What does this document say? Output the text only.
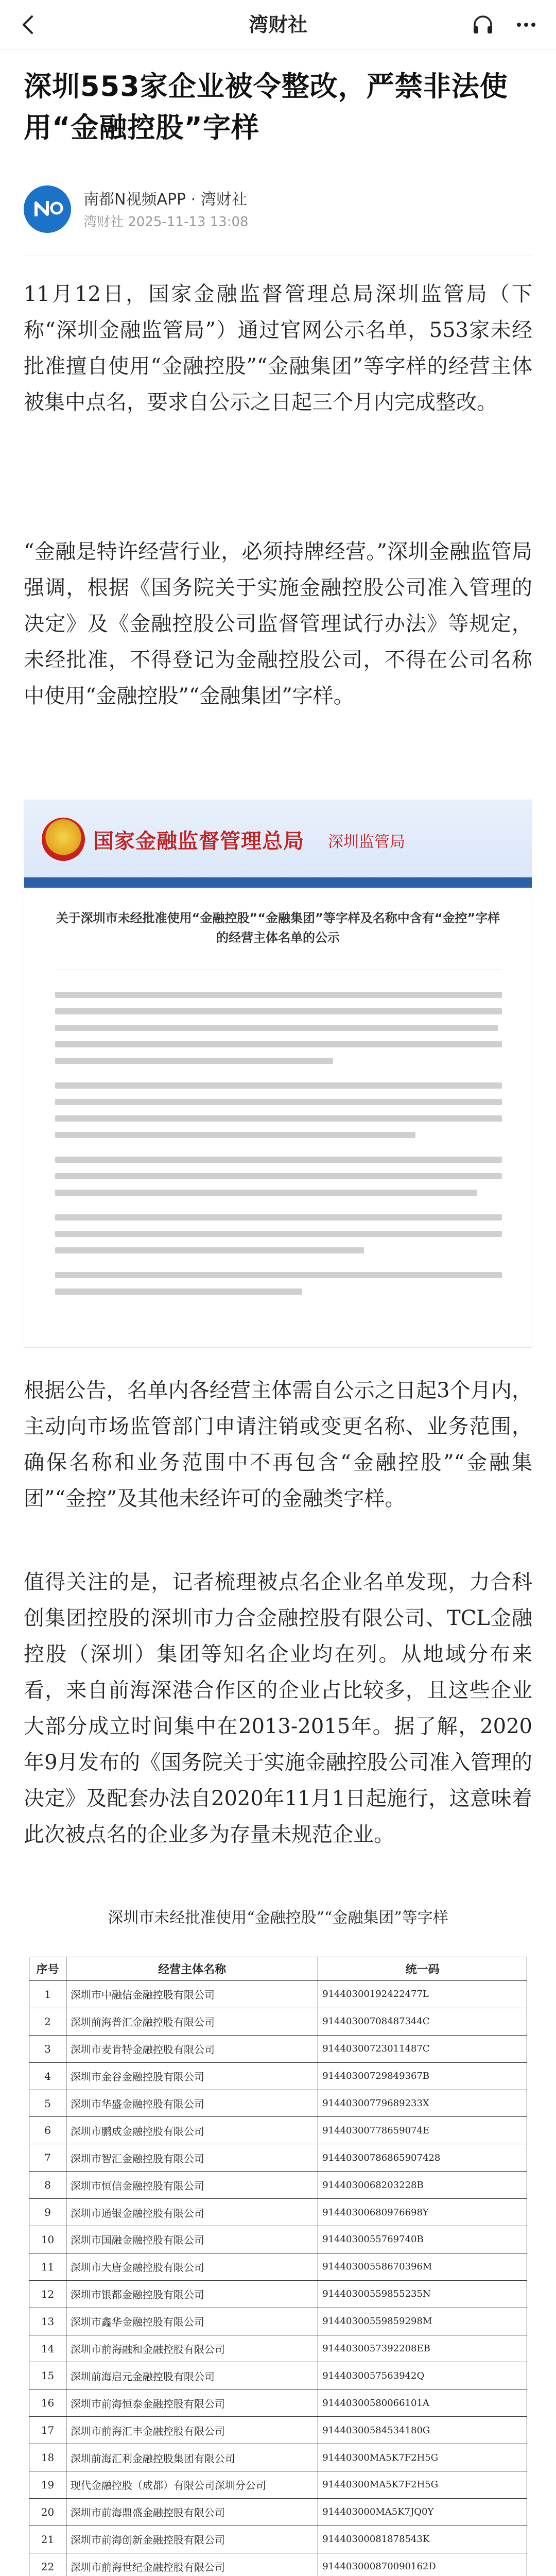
湾财社
深圳553家企业被令整改，严禁非法使用“金融控股”字样
南都N视频APP · 湾财社
湾财社 2025-11-13 13:08

11月12日，国家金融监督管理总局深圳监管局（下称“深圳金融监管局”）通过官网公示名单，553家未经批准擅自使用“金融控股”“金融集团”等字样的经营主体被集中点名，要求自公示之日起三个月内完成整改。

“金融是特许经营行业，必须持牌经营。”深圳金融监管局强调，根据《国务院关于实施金融控股公司准入管理的决定》及《金融控股公司监督管理试行办法》等规定，未经批准，不得登记为金融控股公司，不得在公司名称中使用“金融控股”“金融集团”字样。

国家金融监督管理总局 深圳监管局
关于深圳市未经批准使用“金融控股”“金融集团”等字样及名称中含有“金控”字样的经营主体名单的公示

根据公告，名单内各经营主体需自公示之日起3个月内，主动向市场监管部门申请注销或变更名称、业务范围，确保名称和业务范围中不再包含“金融控股”“金融集团”“金控”及其他未经许可的金融类字样。

值得关注的是，记者梳理被点名企业名单发现，力合科创集团控股的深圳市力合金融控股有限公司、TCL金融控股（深圳）集团等知名企业均在列。从地域分布来看，来自前海深港合作区的企业占比较多，且这些企业大部分成立时间集中在2013-2015年。据了解，2020年9月发布的《国务院关于实施金融控股公司准入管理的决定》及配套办法自2020年11月1日起施行，这意味着此次被点名的企业多为存量未规范企业。

深圳市未经批准使用“金融控股”“金融集团”等字样
序号	经营主体名称	统一码
1	深圳市中融信金融控股有限公司	91440300192422477L
2	深圳前海普汇金融控股有限公司	91440300708487344C
3	深圳市麦肯特金融控股有限公司	91440300723011487C
4	深圳市金谷金融控股有限公司	91440300729849367B
5	深圳市华盛金融控股有限公司	91440300779689233X
6	深圳市鹏成金融控股有限公司	91440300778659074E
7	深圳市智汇金融控股有限公司	91440300786865907428
8	深圳市恒信金融控股有限公司	9144030068203228B
9	深圳市通银金融控股有限公司	91440300680976698Y
10	深圳市国融金融控股有限公司	9144030055769740B
11	深圳市大唐金融控股有限公司	91440300558670396M
12	深圳市银都金融控股有限公司	91440300559855235N
13	深圳市鑫华金融控股有限公司	91440300559859298M
14	深圳市前海融和金融控股有限公司	9144030057392208EB
15	深圳前海启元金融控股有限公司	9144030057563942Q
16	深圳市前海恒泰金融控股有限公司	91440300580066101A
17	深圳市前海汇丰金融控股有限公司	91440300584534180G
18	深圳前海汇利金融控股集团有限公司	91440300MA5K7F2H5G
19	现代金融控股（成都）有限公司深圳分公司	91440300MA5K7F2H5G
20	深圳市前海鼎盛金融控股有限公司	914403000MA5K7JQ0Y
21	深圳市前海创新金融控股有限公司	91440300081878543K
22	深圳市前海世纪金融控股有限公司	914403000870090162D
